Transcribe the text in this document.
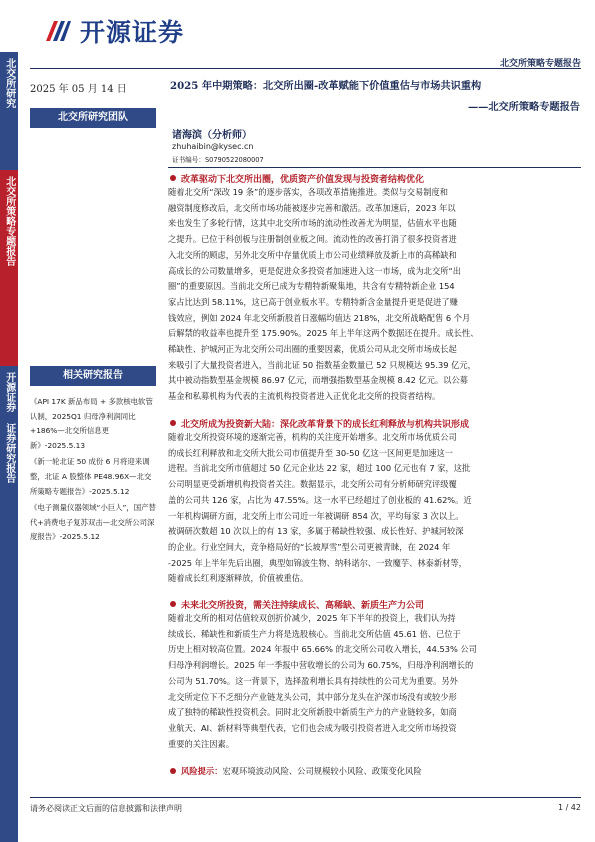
北交所研究
北交所策略专题报告
开源证券 证券研究报告
开源证券
北交所策略专题报告
2025 年 05 月 14 日
北交所研究团队
2025 年中期策略：北交所出圈-改革赋能下价值重估与市场共识重构
——北交所策略专题报告
诸海滨（分析师）
zhuhaibin@kysec.cn
证书编号：S0790522080007
改革驱动下北交所出圈，优质资产价值发现与投资者结构优化

随着北交所“深改 19 条”的逐步落实，各项改革措施推进。类似与交易制度和

融资制度修改后，北交所市场功能被逐步完善和激活。改革加速后，2023 年以

来也发生了多轮行情，这其中北交所市场的流动性改善尤为明显，估值水平也随

之提升。已位于科创板与注册制创业板之间。流动性的改善打消了很多投资者进

入北交所的顾虑，另外北交所中存量优质上市公司业绩释放及新上市的高稀缺和

高成长的公司数量增多，更是促进众多投资者加速进入这一市场，成为北交所“出

圈”的重要原因。当前北交所已成为专精特新聚集地，共含有专精特新企业 154

家占比达到 58.11%，这已高于创业板水平。专精特新含金量提升更是促进了赚

钱效应，例如 2024 年北交所新股首日涨幅均值达 218%，北交所战略配售 6 个月

后解禁的收益率也提升至 175.90%。2025 年上半年这两个数据还在提升。成长性、

稀缺性、护城河正为北交所公司出圈的重要因素，优质公司从北交所市场成长起

来吸引了大量投资者进入，当前北证 50 指数基金数量已 52 只规模达 95.39 亿元，

其中被动指数型基金规模 86.97 亿元，而增强指数型基金规模 8.42 亿元。以公募

基金和私募机构为代表的主流机构投资者进入正优化北交所的投资者结构。

北交所成为投资新大陆：深化改革背景下的成长红利释放与机构共识形成

随着北交所投资环境的逐渐完善，机构的关注度开始增多。北交所市场优质公司

的成长红利释放和北交所大批公司市值提升至 30-50 亿这一区间更是加速这一

进程。当前北交所市值超过 50 亿元企业达 22 家，超过 100 亿元也有 7 家，这批

公司明显更受新增机构投资者关注。数据显示，北交所公司有分析师研究评级覆

盖的公司共 126 家，占比为 47.55%。这一水平已经超过了创业板的 41.62%。近

一年机构调研方面，北交所上市公司近一年被调研 854 次，平均每家 3 次以上。

被调研次数超 10 次以上的有 13 家，多属于稀缺性较强、成长性好、护城河较深

的企业。行业空间大，竞争格局好的“长坡厚雪”型公司更被青睐，在 2024 年

-2025 年上半年先后出圈，典型如锦波生物、纳科诺尔、一致魔芋、林泰新材等，

随着成长红利逐渐释放，价值被重估。

未来北交所投资，需关注持续成长、高稀缺、新质生产力公司

随着北交所的相对估值较双创折价减少，2025 年下半年的投资上，我们认为持

续成长、稀缺性和新质生产力将是选股核心。当前北交所估值 45.61 倍、已位于

历史上相对较高位置。2024 年报中 65.66% 的北交所公司收入增长，44.53% 公司

归母净利润增长。2025 年一季报中营收增长的公司为 60.75%，归母净利润增长的

公司为 51.70%。这一背景下，选择盈利增长具有持续性的公司尤为重要。另外

北交所定位下不乏细分产业链龙头公司，其中部分龙头在沪深市场没有或较少形

成了独特的稀缺性投资机会。同时北交所新股中新质生产力的产业链较多，如商

业航天、AI、新材料等典型代表，它们也会成为吸引投资者进入北交所市场投资

重要的关注因素。

风险提示：宏观环境波动风险、公司规模较小风险、政策变化风险
相关研究报告
《API 17K 新品布局 + 多款核电软管认制，2025Q1 归母净利润同比+186%—北交所信息更新》-2025.5.13
《新一轮北证 50 成份 6 月将迎来调整，北证 A 股整体 PE48.96X—北交所策略专题报告》-2025.5.12
《电子测量仪器领域“小巨人”，国产替代+消费电子复苏双击—北交所公司深度报告》-2025.5.12
请务必阅读正文后面的信息披露和法律声明	1 / 42
